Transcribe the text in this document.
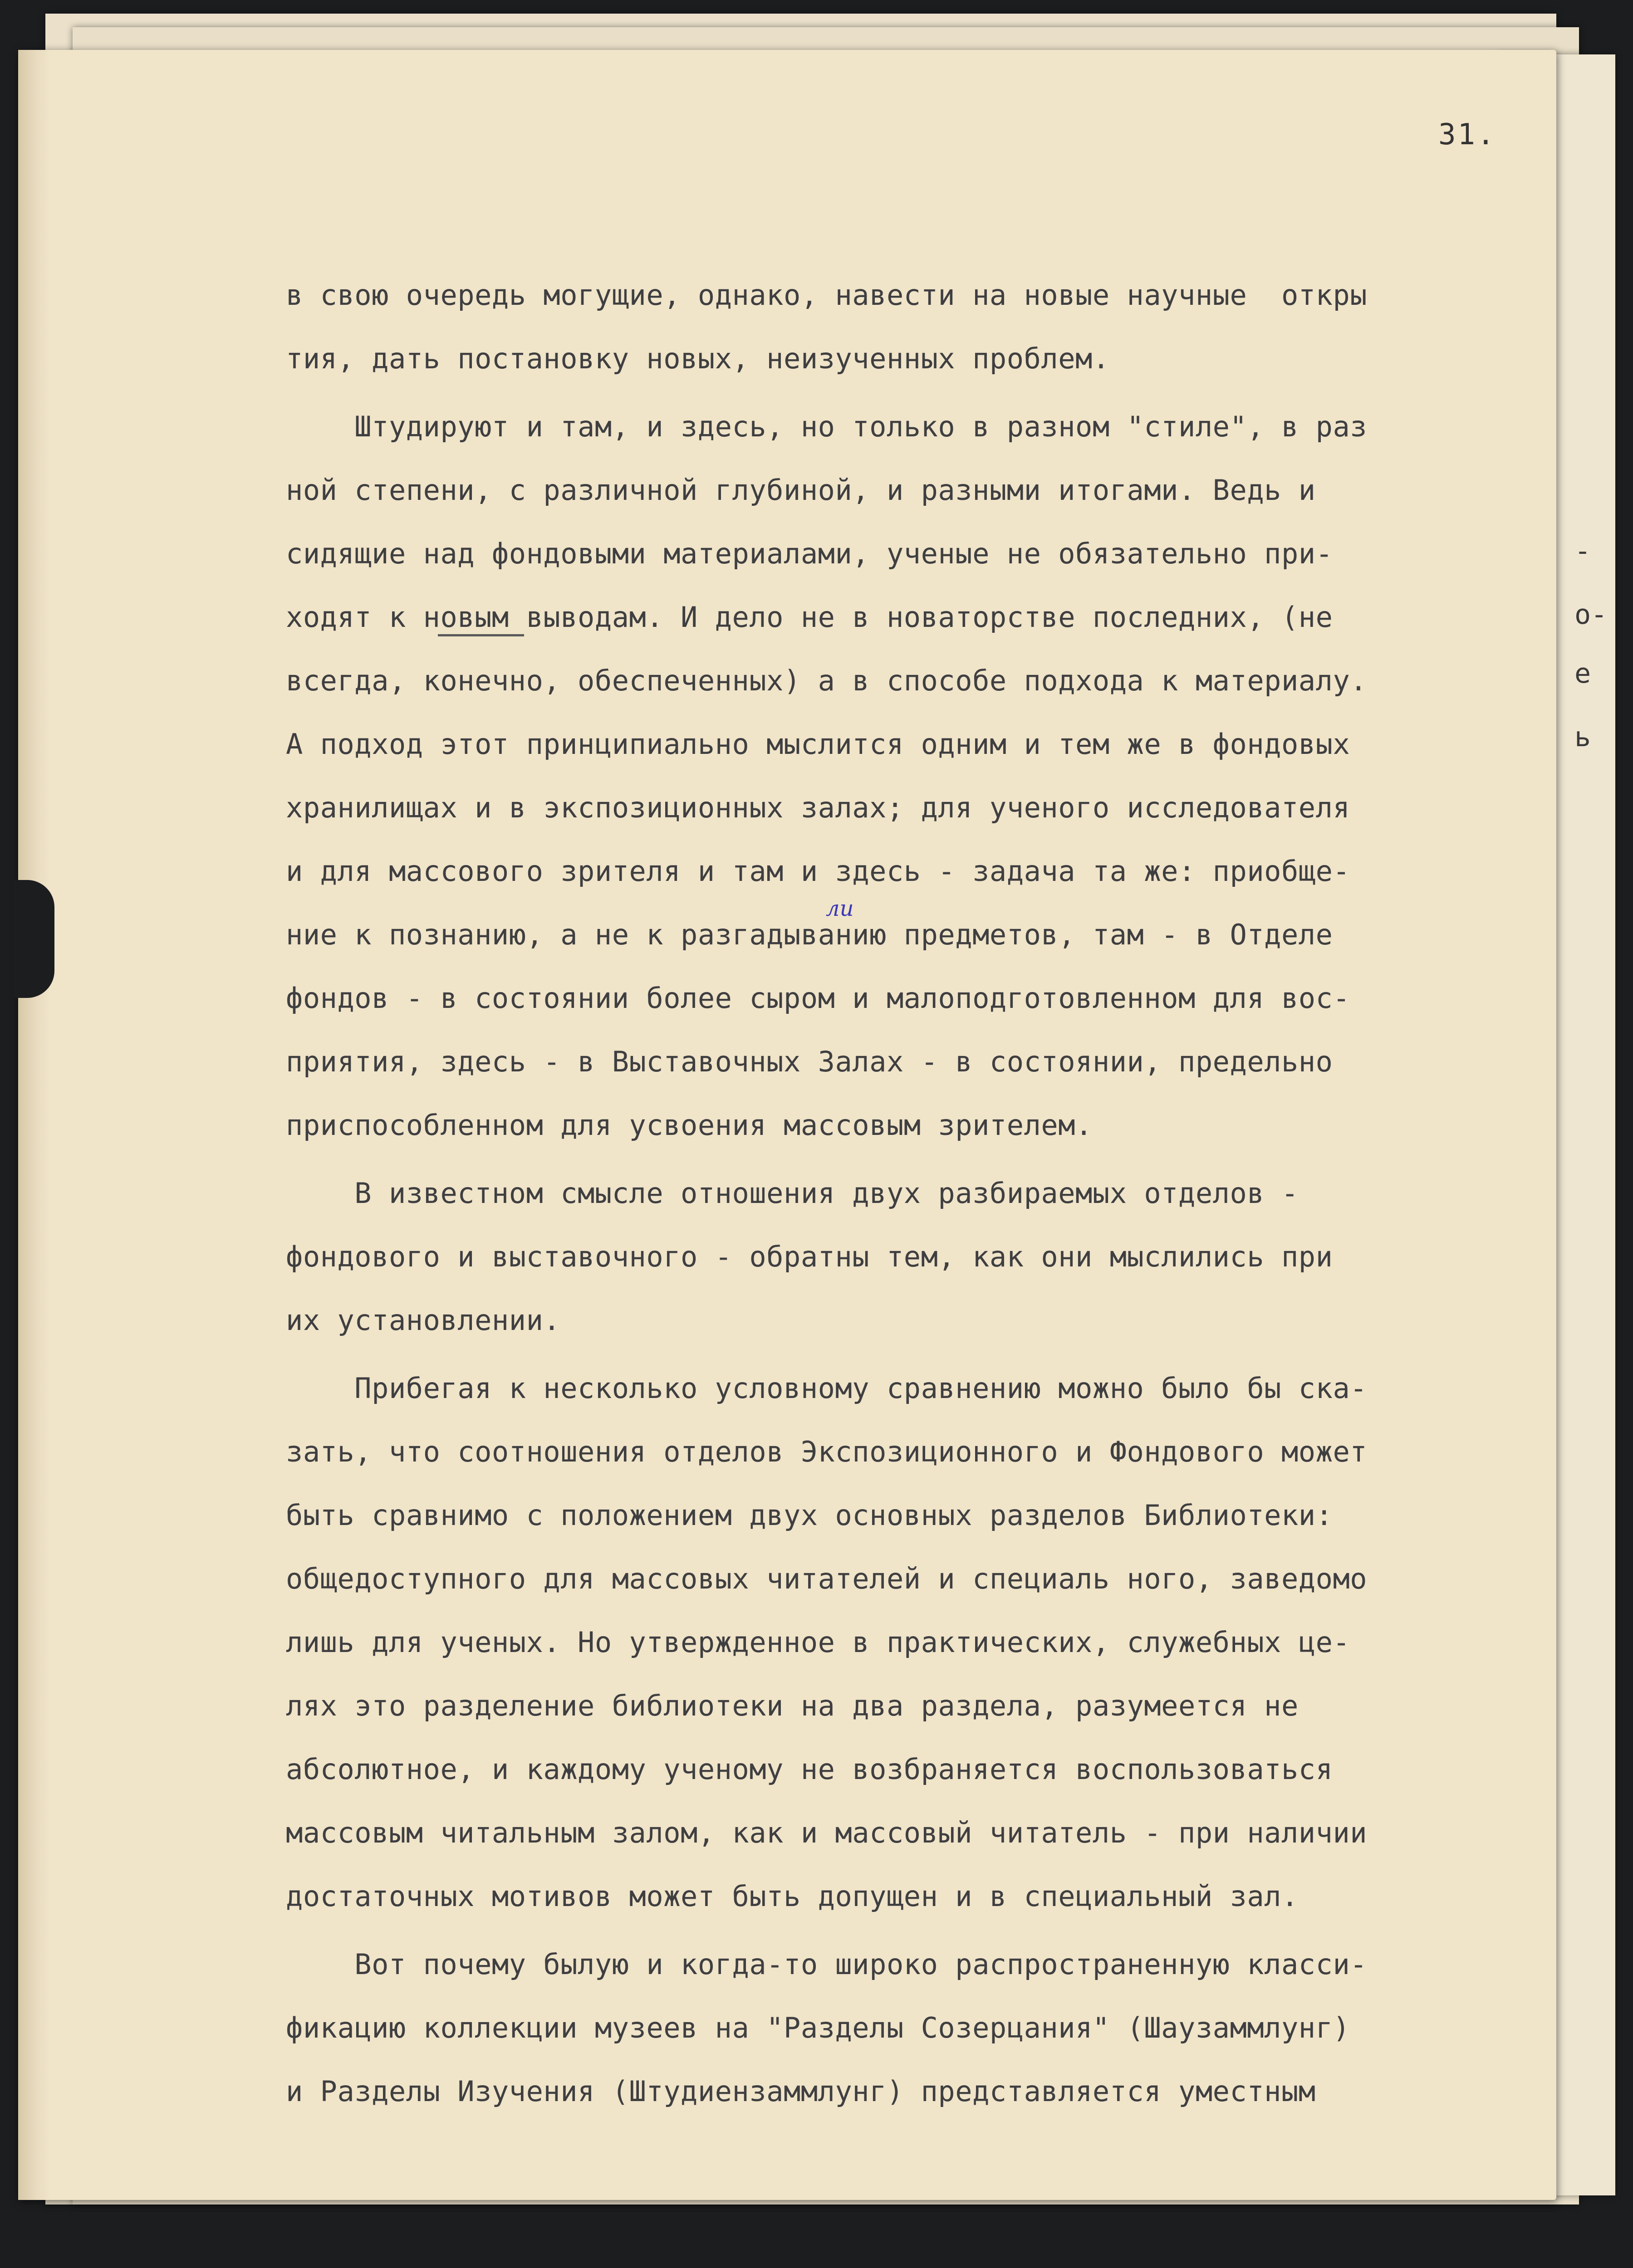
-
о-
е
ь
31.
в свою очередь могущие, однако, навести на новые научные  откры
тия, дать постановку новых, неизученных проблем.
Штудируют и там, и здесь, но только в разном "стиле", в раз
ной степени, с различной глубиной, и разными итогами. Ведь и
сидящие над фондовыми материалами, ученые не обязательно при-
ходят к новым выводам. И дело не в новаторстве последних, (не
всегда, конечно, обеспеченных) а в способе подхода к материалу.
А подход этот принципиально мыслится одним и тем же в фондовых
хранилищах и в экспозиционных залах; для ученого исследователя
и для массового зрителя и там и здесь - задача та же: приобще-
ние к познанию, а не к разгадыванию предметов, там - в Отделе
фондов - в состоянии более сыром и малоподготовленном для вос-
приятия, здесь - в Выставочных Залах - в состоянии, предельно
приспособленном для усвоения массовым зрителем.
В известном смысле отношения двух разбираемых отделов -
фондового и выставочного - обратны тем, как они мыслились при
их установлении.
Прибегая к несколько условному сравнению можно было бы ска-
зать, что соотношения отделов Экспозиционного и Фондового может
быть сравнимо с положением двух основных разделов Библиотеки:
общедоступного для массовых читателей и специаль ного, заведомо
лишь для ученых. Но утвержденное в практических, служебных це-
лях это разделение библиотеки на два раздела, разумеется не
абсолютное, и каждому ученому не возбраняется воспользоваться
массовым читальным залом, как и массовый читатель - при наличии
достаточных мотивов может быть допущен и в специальный зал.
Вот почему былую и когда-то широко распространенную класси-
фикацию коллекции музеев на "Разделы Созерцания" (Шаузаммлунг)
и Разделы Изучения (Штудиензаммлунг) представляется уместным
ли
